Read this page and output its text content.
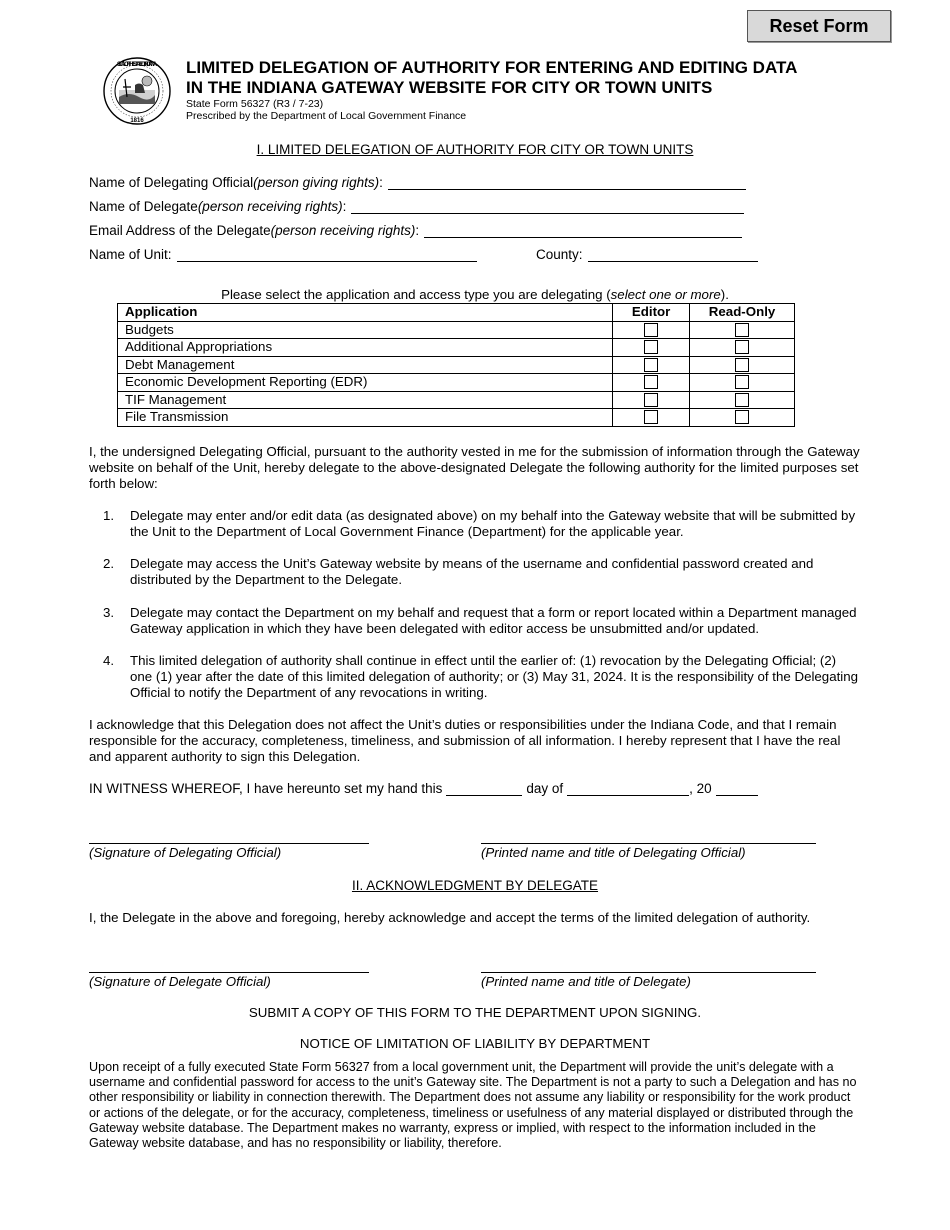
Reset Form
SEAL OF THE STATE OF INDIANA
1816
LIMITED DELEGATION OF AUTHORITY FOR ENTERING AND EDITING DATA
IN THE INDIANA GATEWAY WEBSITE FOR CITY OR TOWN UNITS
State Form 56327 (R3 / 7-23)
Prescribed by the Department of Local Government Finance
I. LIMITED DELEGATION OF AUTHORITY FOR CITY OR TOWN UNITS
Name of Delegating Official (person giving rights) :
Name of Delegate (person receiving rights) :
Email Address of the Delegate (person receiving rights) :
Name of Unit:	County:
Please select the application and access type you are delegating (select one or more).
Application	Editor	Read-Only
Budgets		
Additional Appropriations		
Debt Management		
Economic Development Reporting (EDR)		
TIF Management		
File Transmission		
I, the undersigned Delegating Official, pursuant to the authority vested in me for the submission of information through the Gateway website on behalf of the Unit, hereby delegate to the above-designated Delegate the following authority for the limited purposes set forth below:
1.	Delegate may enter and/or edit data (as designated above) on my behalf into the Gateway website that will be submitted by the Unit to the Department of Local Government Finance (Department) for the applicable year.
2.	Delegate may access the Unit’s Gateway website by means of the username and confidential password created and distributed by the Department to the Delegate.
3.	Delegate may contact the Department on my behalf and request that a form or report located within a Department managed Gateway application in which they have been delegated with editor access be unsubmitted and/or updated.
4.	This limited delegation of authority shall continue in effect until the earlier of: (1) revocation by the Delegating Official; (2) one (1) year after the date of this limited delegation of authority; or (3) May 31, 2024. It is the responsibility of the Delegating Official to notify the Department of any revocations in writing.
I acknowledge that this Delegation does not affect the Unit’s duties or responsibilities under the Indiana Code, and that I remain responsible for the accuracy, completeness, timeliness, and submission of all information. I hereby represent that I have the real and apparent authority to sign this Delegation.
IN WITNESS WHEREOF, I have hereunto set my hand this	day of	, 20
(Signature of Delegating Official)	(Printed name and title of Delegating Official)
II. ACKNOWLEDGMENT BY DELEGATE
I, the Delegate in the above and foregoing, hereby acknowledge and accept the terms of the limited delegation of authority.
(Signature of Delegate Official)	(Printed name and title of Delegate)
SUBMIT A COPY OF THIS FORM TO THE DEPARTMENT UPON SIGNING.
NOTICE OF LIMITATION OF LIABILITY BY DEPARTMENT
Upon receipt of a fully executed State Form 56327 from a local government unit, the Department will provide the unit’s delegate with a username and confidential password for access to the unit’s Gateway site. The Department is not a party to such a Delegation and has no other responsibility or liability in connection therewith. The Department does not assume any liability or responsibility for the work product or actions of the delegate, or for the accuracy, completeness, timeliness or usefulness of any material displayed or distributed through the Gateway website database. The Department makes no warranty, express or implied, with respect to the information included in the Gateway website database, and has no responsibility or liability, therefore.
